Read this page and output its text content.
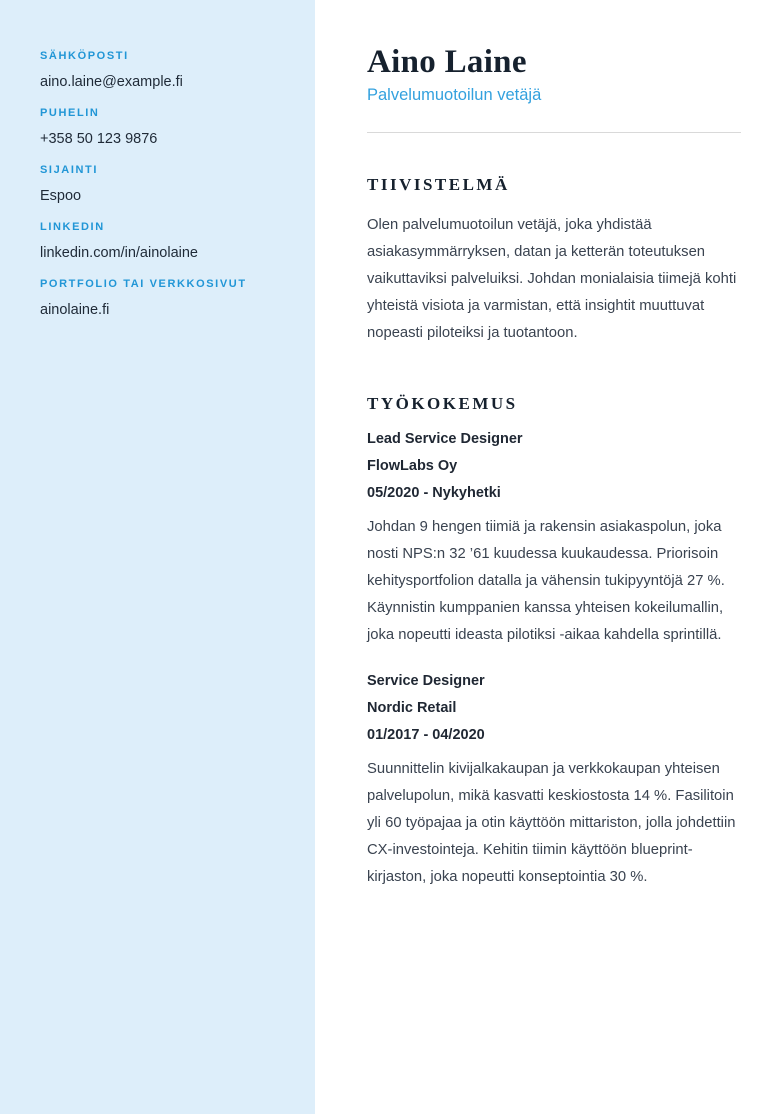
SÄHKÖPOSTI
aino.laine@example.fi
PUHELIN
+358 50 123 9876
SIJAINTI
Espoo
LINKEDIN
linkedin.com/in/ainolaine
PORTFOLIO TAI VERKKOSIVUT
ainolaine.fi
Aino Laine
Palvelumuotoilun vetäjä
TIIVISTELMÄ

Olen palvelumuotoilun vetäjä, joka yhdistää asiakasymmärryksen, datan ja ketterän toteutuksen vaikuttaviksi palveluiksi. Johdan monialaisia tiimejä kohti yhteistä visiota ja varmistan, että insightit muuttuvat nopeasti piloteiksi ja tuotantoon.

TYÖKOKEMUS

Lead Service Designer

FlowLabs Oy

05/2020 - Nykyhetki

Johdan 9 hengen tiimiä ja rakensin asiakaspolun, joka nosti NPS:n 32 ’61 kuudessa kuukaudessa. Priorisoin kehitysportfolion datalla ja vähensin tukipyyntöjä 27 %. Käynnistin kumppanien kanssa yhteisen kokeilumallin, joka nopeutti ideasta pilotiksi -aikaa kahdella sprintillä.

Service Designer

Nordic Retail

01/2017 - 04/2020

Suunnittelin kivijalkakaupan ja verkkokaupan yhteisen palvelupolun, mikä kasvatti keskiostosta 14 %. Fasilitoin yli 60 työpajaa ja otin käyttöön mittariston, jolla johdettiin CX-investointeja. Kehitin tiimin käyttöön blueprint-kirjaston, joka nopeutti konseptointia 30 %.
